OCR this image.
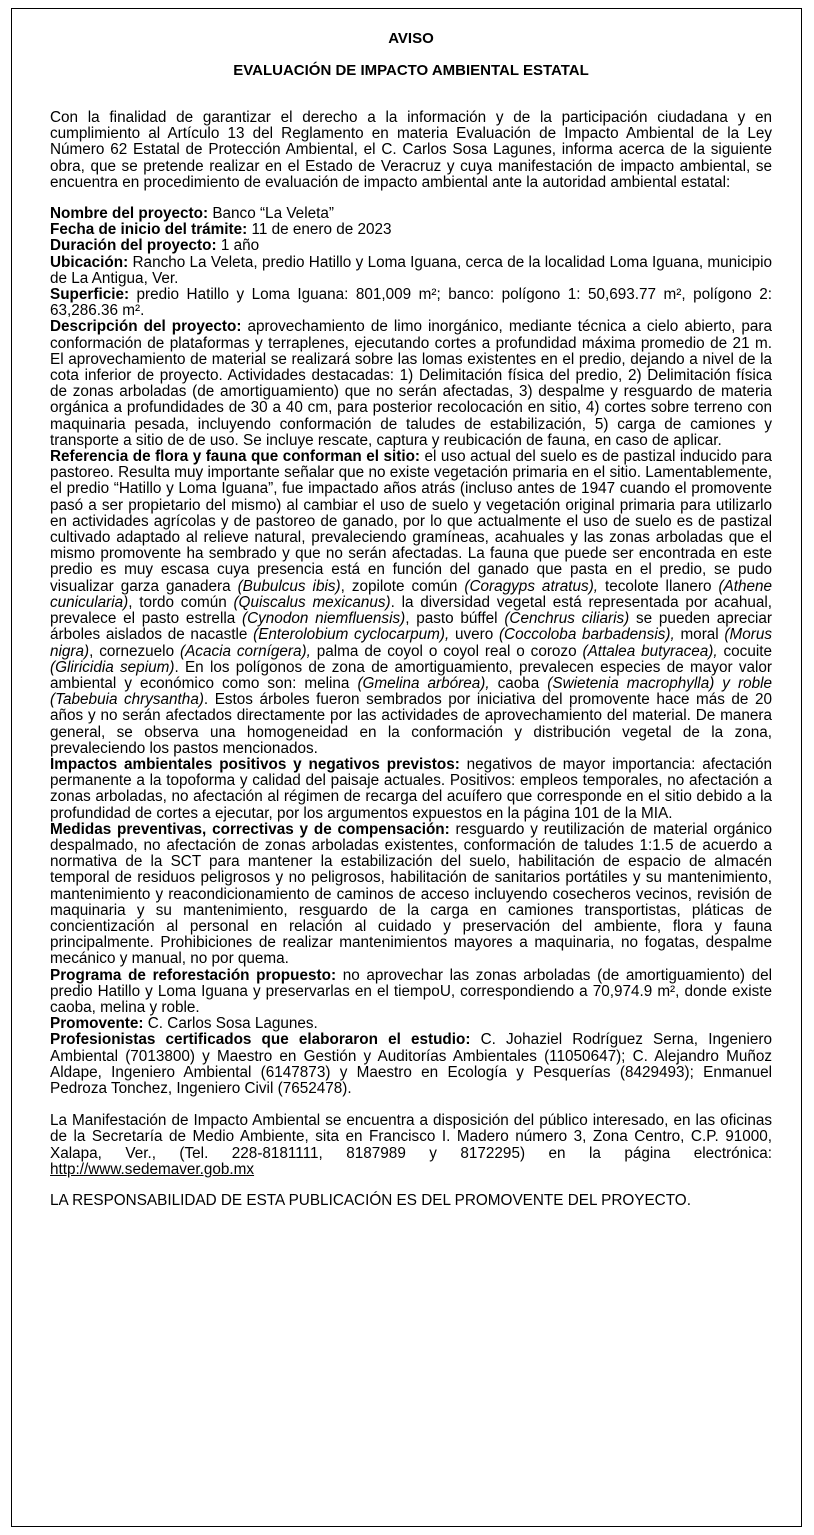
AVISO

EVALUACIÓN DE IMPACTO AMBIENTAL ESTATAL

Con la finalidad de garantizar el derecho a la información y de la participación ciudadana y en cumplimiento al Artículo 13 del Reglamento en materia Evaluación de Impacto Ambiental de la Ley Número 62 Estatal de Protección Ambiental, el C. Carlos Sosa Lagunes, informa acerca de la siguiente obra, que se pretende realizar en el Estado de Veracruz y cuya manifestación de impacto ambiental, se encuentra en procedimiento de evaluación de impacto ambiental ante la autoridad ambiental estatal:

Nombre del proyecto: Banco “La Veleta”

Fecha de inicio del trámite: 11 de enero de 2023

Duración del proyecto: 1 año

Ubicación: Rancho La Veleta, predio Hatillo y Loma Iguana, cerca de la localidad Loma Iguana, municipio de La Antigua, Ver.

Superficie: predio Hatillo y Loma Iguana: 801,009 m²; banco: polígono 1: 50,693.77 m², polígono 2: 63,286.36 m².

Descripción del proyecto: aprovechamiento de limo inorgánico, mediante técnica a cielo abierto, para conformación de plataformas y terraplenes, ejecutando cortes a profundidad máxima promedio de 21 m. El aprovechamiento de material se realizará sobre las lomas existentes en el predio, dejando a nivel de la cota inferior de proyecto. Actividades destacadas: 1) Delimitación física del predio, 2) Delimitación física de zonas arboladas (de amortiguamiento) que no serán afectadas, 3) despalme y resguardo de materia orgánica a profundidades de 30 a 40 cm, para posterior recolocación en sitio, 4) cortes sobre terreno con maquinaria pesada, incluyendo conformación de taludes de estabilización, 5) carga de camiones y transporte a sitio de de uso. Se incluye rescate, captura y reubicación de fauna, en caso de aplicar.

Referencia de flora y fauna que conforman el sitio: el uso actual del suelo es de pastizal inducido para pastoreo. Resulta muy importante señalar que no existe vegetación primaria en el sitio. Lamentablemente, el predio “Hatillo y Loma Iguana”, fue impactado años atrás (incluso antes de 1947 cuando el promovente pasó a ser propietario del mismo) al cambiar el uso de suelo y vegetación original primaria para utilizarlo en actividades agrícolas y de pastoreo de ganado, por lo que actualmente el uso de suelo es de pastizal cultivado adaptado al relieve natural, prevaleciendo gramíneas, acahuales y las zonas arboladas que el mismo promovente ha sembrado y que no serán afectadas. La fauna que puede ser encontrada en este predio es muy escasa cuya presencia está en función del ganado que pasta en el predio, se pudo visualizar garza ganadera (Bubulcus ibis), zopilote común (Coragyps atratus), tecolote llanero (Athene cunicularia), tordo común (Quiscalus mexicanus). la diversidad vegetal está representada por acahual, prevalece el pasto estrella (Cynodon niemfluensis), pasto búffel (Cenchrus ciliaris) se pueden apreciar árboles aislados de nacastle (Enterolobium cyclocarpum), uvero (Coccoloba barbadensis), moral (Morus nigra), cornezuelo (Acacia cornígera), palma de coyol o coyol real o corozo (Attalea butyracea), cocuite (Gliricidia sepium). En los polígonos de zona de amortiguamiento, prevalecen especies de mayor valor ambiental y económico como son: melina (Gmelina arbórea), caoba (Swietenia macrophylla) y roble (Tabebuia chrysantha). Estos árboles fueron sembrados por iniciativa del promovente hace más de 20 años y no serán afectados directamente por las actividades de aprovechamiento del material. De manera general, se observa una homogeneidad en la conformación y distribución vegetal de la zona, prevaleciendo los pastos mencionados.

Impactos ambientales positivos y negativos previstos: negativos de mayor importancia: afectación permanente a la topoforma y calidad del paisaje actuales. Positivos: empleos temporales, no afectación a zonas arboladas, no afectación al régimen de recarga del acuífero que corresponde en el sitio debido a la profundidad de cortes a ejecutar, por los argumentos expuestos en la página 101 de la MIA.

Medidas preventivas, correctivas y de compensación: resguardo y reutilización de material orgánico despalmado, no afectación de zonas arboladas existentes, conformación de taludes 1:1.5 de acuerdo a normativa de la SCT para mantener la estabilización del suelo, habilitación de espacio de almacén temporal de residuos peligrosos y no peligrosos, habilitación de sanitarios portátiles y su mantenimiento, mantenimiento y reacondicionamiento de caminos de acceso incluyendo cosecheros vecinos, revisión de maquinaria y su mantenimiento, resguardo de la carga en camiones transportistas, pláticas de concientización al personal en relación al cuidado y preservación del ambiente, flora y fauna principalmente. Prohibiciones de realizar mantenimientos mayores a maquinaria, no fogatas, despalme mecánico y manual, no por quema.

Programa de reforestación propuesto: no aprovechar las zonas arboladas (de amortiguamiento) del predio Hatillo y Loma Iguana y preservarlas en el tiempoU, correspondiendo a 70,974.9 m², donde existe caoba, melina y roble.

Promovente: C. Carlos Sosa Lagunes.

Profesionistas certificados que elaboraron el estudio: C. Johaziel Rodríguez Serna, Ingeniero Ambiental (7013800) y Maestro en Gestión y Auditorías Ambientales (11050647); C. Alejandro Muñoz Aldape, Ingeniero Ambiental (6147873) y Maestro en Ecología y Pesquerías (8429493); Enmanuel Pedroza Tonchez, Ingeniero Civil (7652478).

La Manifestación de Impacto Ambiental se encuentra a disposición del público interesado, en las oficinas de la Secretaría de Medio Ambiente, sita en Francisco I. Madero número 3, Zona Centro, C.P. 91000, Xalapa, Ver., (Tel. 228-8181111, 8187989 y 8172295) en la página electrónica: http://www.sedemaver.gob.mx

LA RESPONSABILIDAD DE ESTA PUBLICACIÓN ES DEL PROMOVENTE DEL PROYECTO.
